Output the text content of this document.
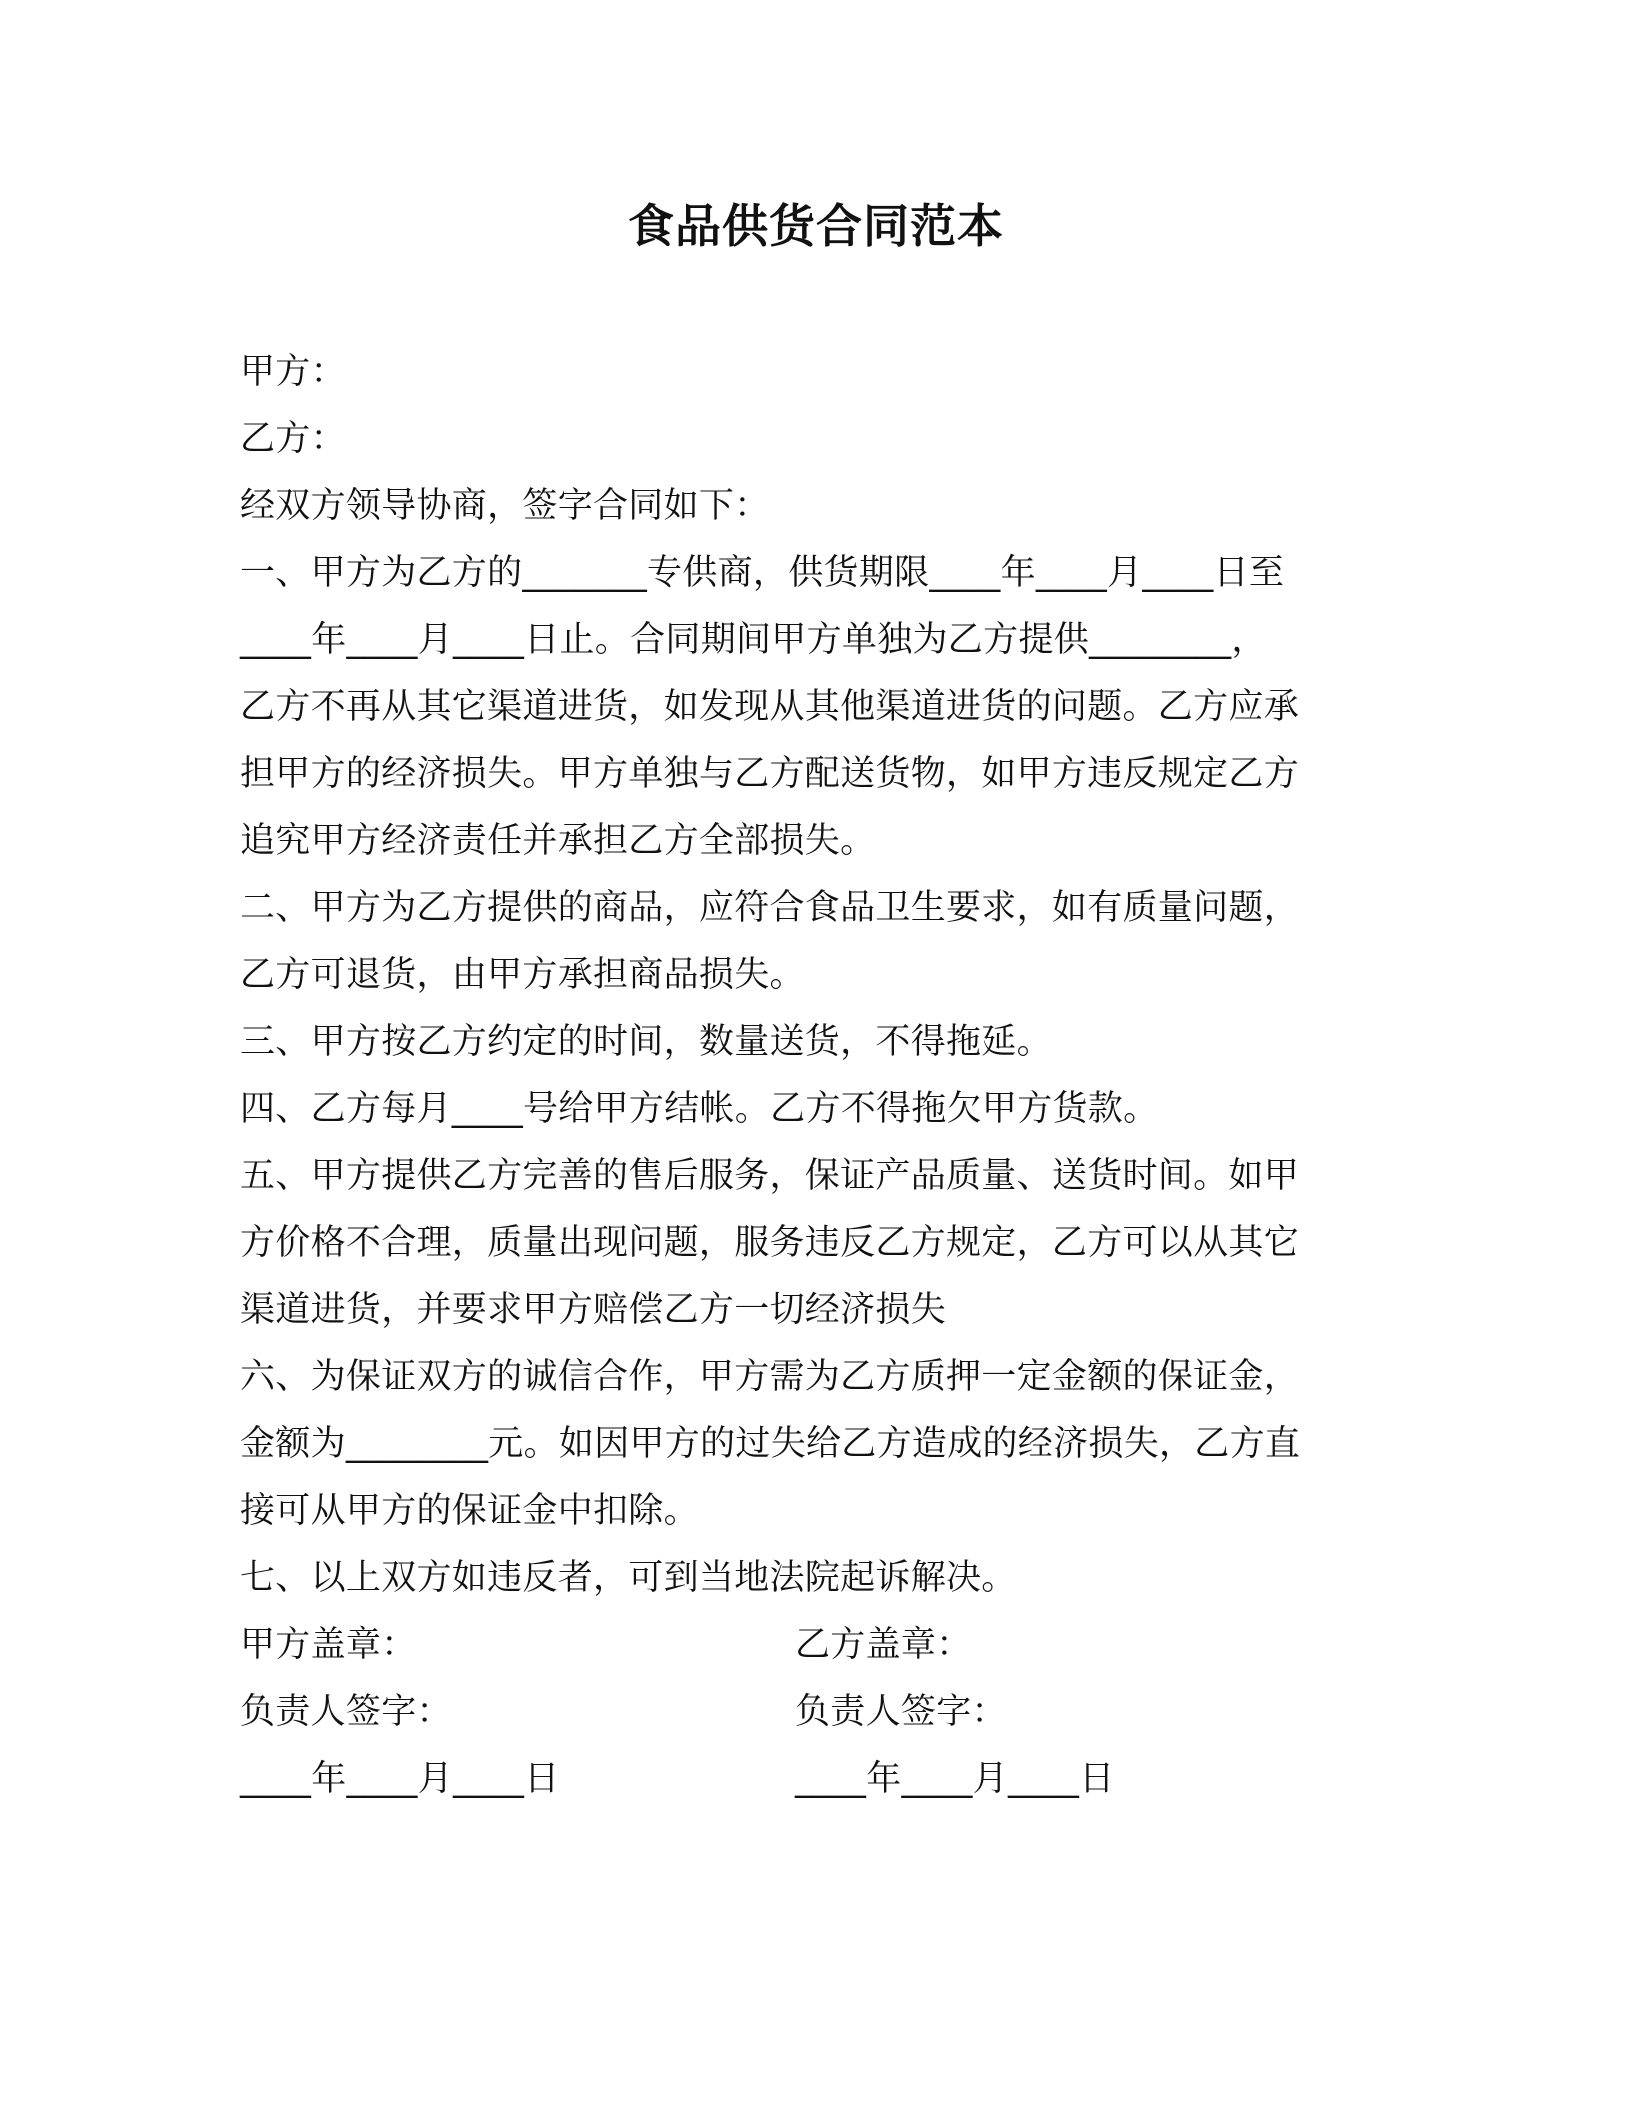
食品供货合同范本
甲方：
乙方：
经双方领导协商，签字合同如下：
一、甲方为乙方的_______专供商，供货期限____年____月____日至
____年____月____日止。合同期间甲方单独为乙方提供________，
乙方不再从其它渠道进货，如发现从其他渠道进货的问题。乙方应承
担甲方的经济损失。甲方单独与乙方配送货物，如甲方违反规定乙方
追究甲方经济责任并承担乙方全部损失。
二、甲方为乙方提供的商品，应符合食品卫生要求，如有质量问题，
乙方可退货，由甲方承担商品损失。
三、甲方按乙方约定的时间，数量送货，不得拖延。
四、乙方每月____号给甲方结帐。乙方不得拖欠甲方货款。
五、甲方提供乙方完善的售后服务，保证产品质量、送货时间。如甲
方价格不合理，质量出现问题，服务违反乙方规定，乙方可以从其它
渠道进货，并要求甲方赔偿乙方一切经济损失
六、为保证双方的诚信合作，甲方需为乙方质押一定金额的保证金，
金额为________元。如因甲方的过失给乙方造成的经济损失，乙方直
接可从甲方的保证金中扣除。
七、以上双方如违反者，可到当地法院起诉解决。
甲方盖章：	乙方盖章：
负责人签字：	负责人签字：
____年____月____日	____年____月____日
